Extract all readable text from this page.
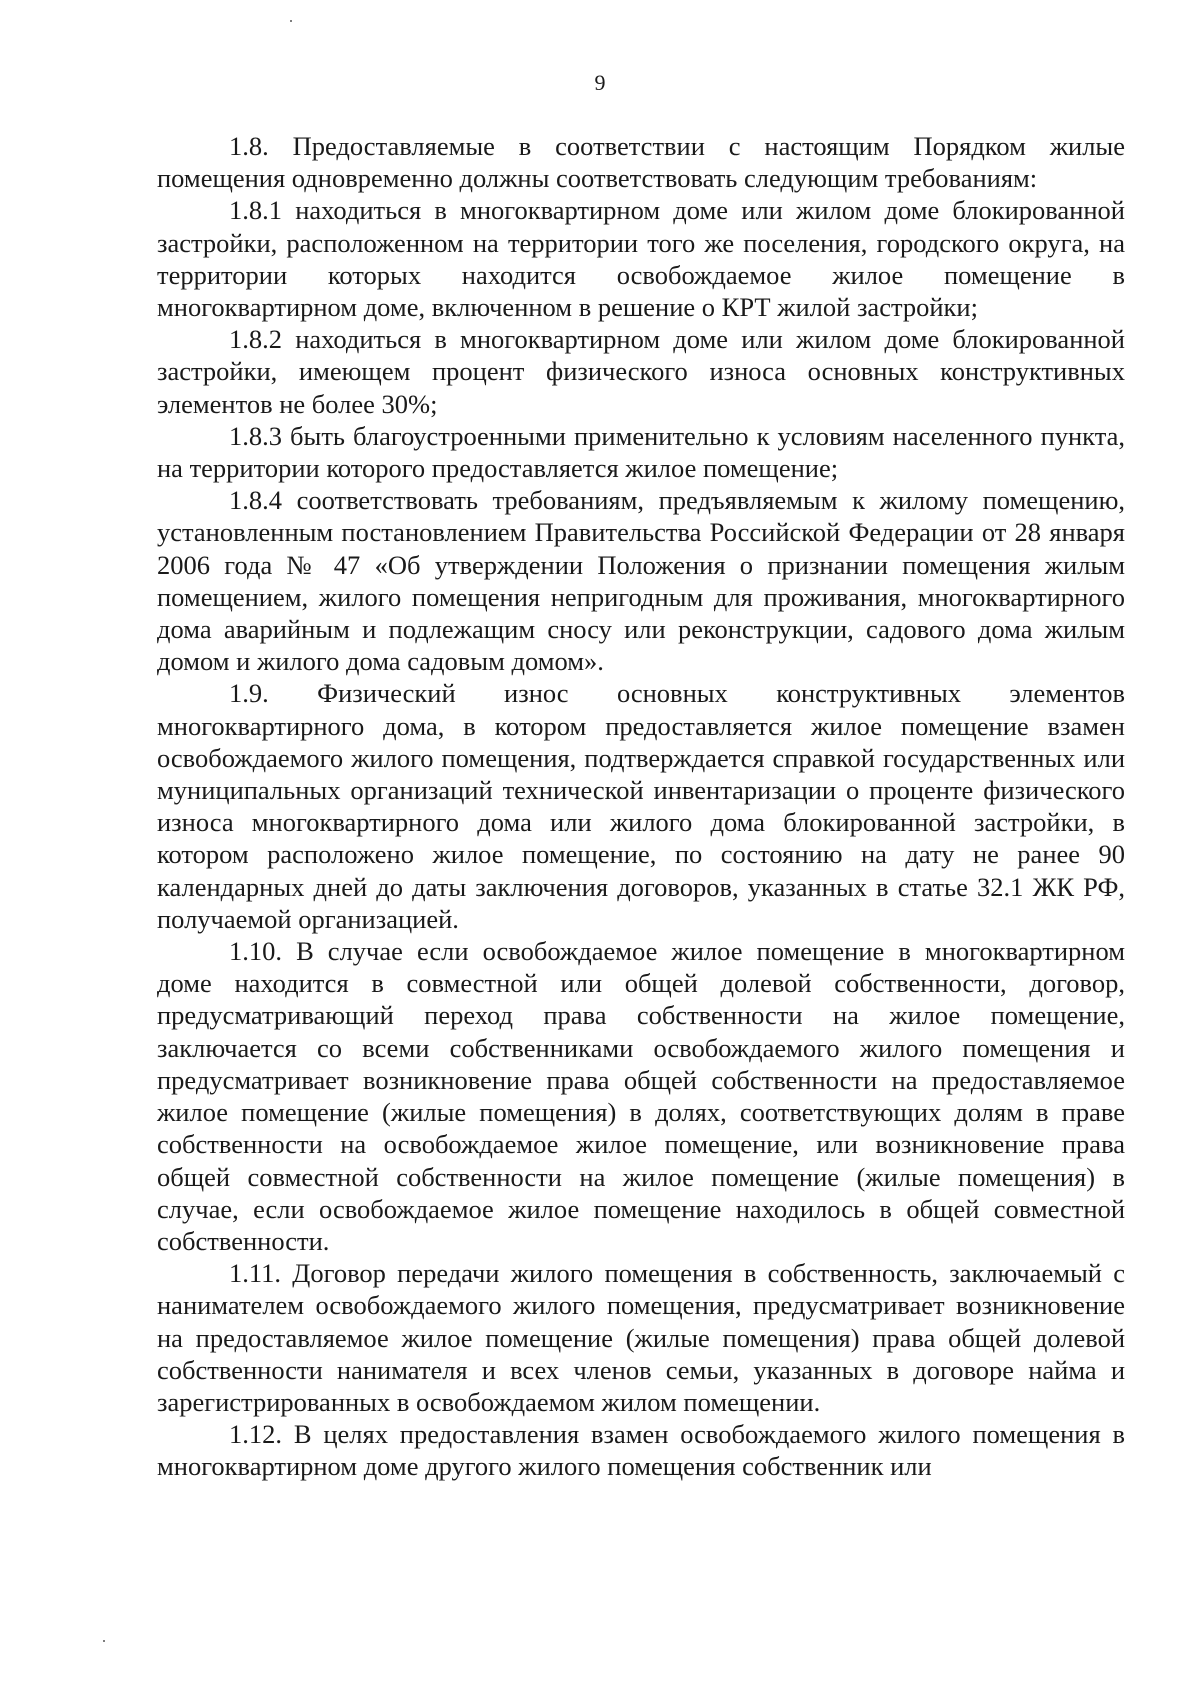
9

1.8. Предоставляемые в соответствии с настоящим Порядком жилые помещения одновременно должны соответствовать следующим требованиям:

1.8.1 находиться в многоквартирном доме или жилом доме блокированной застройки, расположенном на территории того же поселения, городского округа, на территории которых находится освобождаемое жилое помещение в многоквартирном доме, включенном в решение о КРТ жилой застройки;

1.8.2 находиться в многоквартирном доме или жилом доме блокированной застройки, имеющем процент физического износа основных конструктивных элементов не более 30%;

1.8.3 быть благоустроенными применительно к условиям населенного пункта, на территории которого предоставляется жилое помещение;

1.8.4 соответствовать требованиям, предъявляемым к жилому помещению, установленным постановлением Правительства Российской Федерации от 28 января 2006 года № 47 «Об утверждении Положения о признании помещения жилым помещением, жилого помещения непригодным для проживания, многоквартирного дома аварийным и подлежащим сносу или реконструкции, садового дома жилым домом и жилого дома садовым домом».

1.9. Физический износ основных конструктивных элементов многоквартирного дома, в котором предоставляется жилое помещение взамен освобождаемого жилого помещения, подтверждается справкой государственных или муниципальных организаций технической инвентаризации о проценте физического износа многоквартирного дома или жилого дома блокированной застройки, в котором расположено жилое помещение, по состоянию на дату не ранее 90 календарных дней до даты заключения договоров, указанных в статье 32.1 ЖК РФ, получаемой организацией.

1.10. В случае если освобождаемое жилое помещение в многоквартирном доме находится в совместной или общей долевой собственности, договор, предусматривающий переход права собственности на жилое помещение, заключается со всеми собственниками освобождаемого жилого помещения и предусматривает возникновение права общей собственности на предоставляемое жилое помещение (жилые помещения) в долях, соответствующих долям в праве собственности на освобождаемое жилое помещение, или возникновение права общей совместной собственности на жилое помещение (жилые помещения) в случае, если освобождаемое жилое помещение находилось в общей совместной собственности.

1.11. Договор передачи жилого помещения в собственность, заключаемый с нанимателем освобождаемого жилого помещения, предусматривает возникновение на предоставляемое жилое помещение (жилые помещения) права общей долевой собственности нанимателя и всех членов семьи, указанных в договоре найма и зарегистрированных в освобождаемом жилом помещении.

1.12. В целях предоставления взамен освобождаемого жилого помещения в многоквартирном доме другого жилого помещения собственник или
